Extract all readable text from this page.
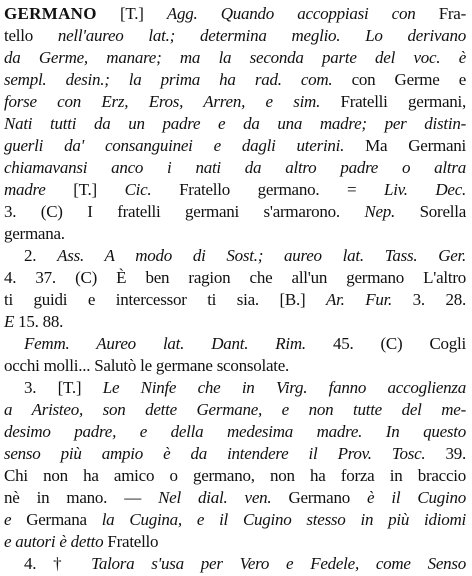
GERMANO [T.] Agg. Quando accoppiasi con Fra-
tello nell'aureo lat.; determina meglio. Lo derivano
da Germe, manare; ma la seconda parte del voc. è
sempl. desin.; la prima ha rad. com. con Germe e
forse con Erz, Eros, Arren, e sim. Fratelli germani,
Nati tutti da un padre e da una madre; per distin-
guerli da' consanguinei e dagli uterini. Ma Germani
chiamavansi anco i nati da altro padre o altra
madre [T.] Cic. Fratello germano. = Liv. Dec.
3. (C) I fratelli germani s'armarono. Nep. Sorella
germana.
2. Ass. A modo di Sost.; aureo lat. Tass. Ger.
4. 37. (C) È ben ragion che all'un germano L'altro
ti guidi e intercessor ti sia. [B.] Ar. Fur. 3. 28.
E 15. 88.
Femm. Aureo lat. Dant. Rim. 45. (C) Cogli
occhi molli... Salutò le germane sconsolate.
3. [T.] Le Ninfe che in Virg. fanno accoglienza
a Aristeo, son dette Germane, e non tutte del me-
desimo padre, e della medesima madre. In questo
senso più ampio è da intendere il Prov. Tosc. 39.
Chi non ha amico o germano, non ha forza in braccio
nè in mano. — Nel dial. ven. Germano è il Cugino
e Germana la Cugina, e il Cugino stesso in più idiomi
e autori è detto Fratello
4. † Talora s'usa per Vero e Fedele, come Senso
